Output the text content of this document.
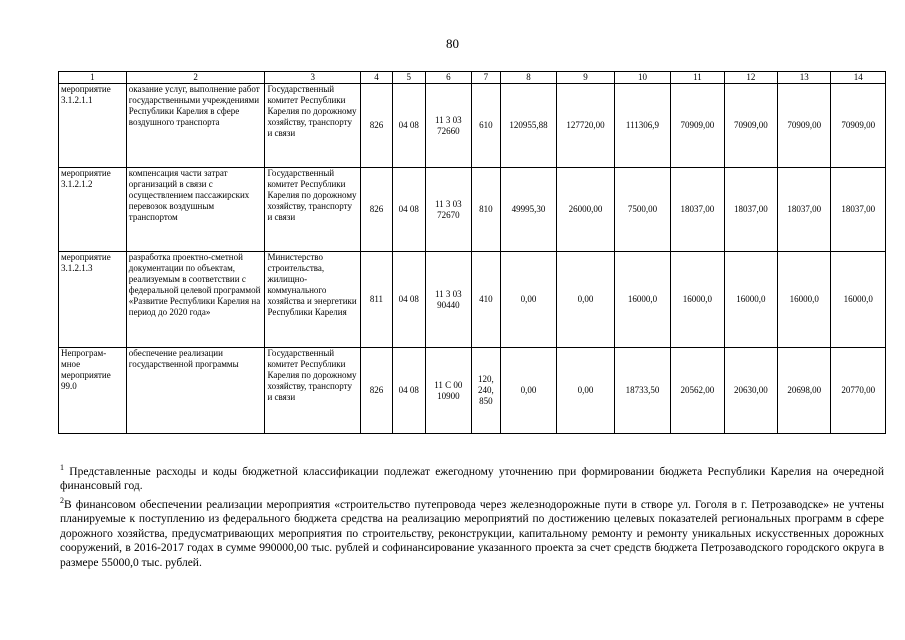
80
1	2	3	4	5	6	7	8	9	10	11	12	13	14
мероприятие 3.1.2.1.1	оказание услуг, выполнение работ государственными учреждениями Республики Карелия в сфере воздушного транспорта	Государственный комитет Республики Карелия по дорожному хозяйству, транспорту и связи	826	04 08	11 3 03 72660	610	120955,88	127720,00	111306,9	70909,00	70909,00	70909,00	70909,00
мероприятие 3.1.2.1.2	компенсация части затрат организаций в связи с осуществлением пассажирских перевозок воздушным транспортом	Государственный комитет Республики Карелия по дорожному хозяйству, транспорту и связи	826	04 08	11 3 03 72670	810	49995,30	26000,00	7500,00	18037,00	18037,00	18037,00	18037,00
мероприятие 3.1.2.1.3	разработка проектно-сметной документации по объектам, реализуемым в соответствии с федеральной целевой программой «Развитие Республики Карелия на период до 2020 года»	Министерство строительства, жилищно-коммунального хозяйства и энергетики Республики Карелия	811	04 08	11 3 03 90440	410	0,00	0,00	16000,0	16000,0	16000,0	16000,0	16000,0
Непрограм-мное мероприятие 99.0	обеспечение реализации государственной программы	Государственный комитет Республики Карелия по дорожному хозяйству, транспорту и связи	826	04 08	11 С 00 10900	120, 240, 850	0,00	0,00	18733,50	20562,00	20630,00	20698,00	20770,00

$^1$ Представленные расходы и коды бюджетной классификации подлежат ежегодному уточнению при формировании бюджета Республики Карелия на очередной финансовый год.

$^2$В финансовом обеспечении реализации мероприятия «строительство путепровода через железнодорожные пути в створе ул. Гоголя в г. Петрозаводске» не учтены планируемые к поступлению из федерального бюджета средства на реализацию мероприятий по достижению целевых показателей региональных программ в сфере дорожного хозяйства, предусматривающих мероприятия по строительству, реконструкции, капитальному ремонту и ремонту уникальных искусственных дорожных сооружений, в 2016-2017 годах в сумме 990000,00 тыс. рублей и софинансирование указанного проекта за счет средств бюджета Петрозаводского городского округа в размере 55000,0 тыс. рублей.
